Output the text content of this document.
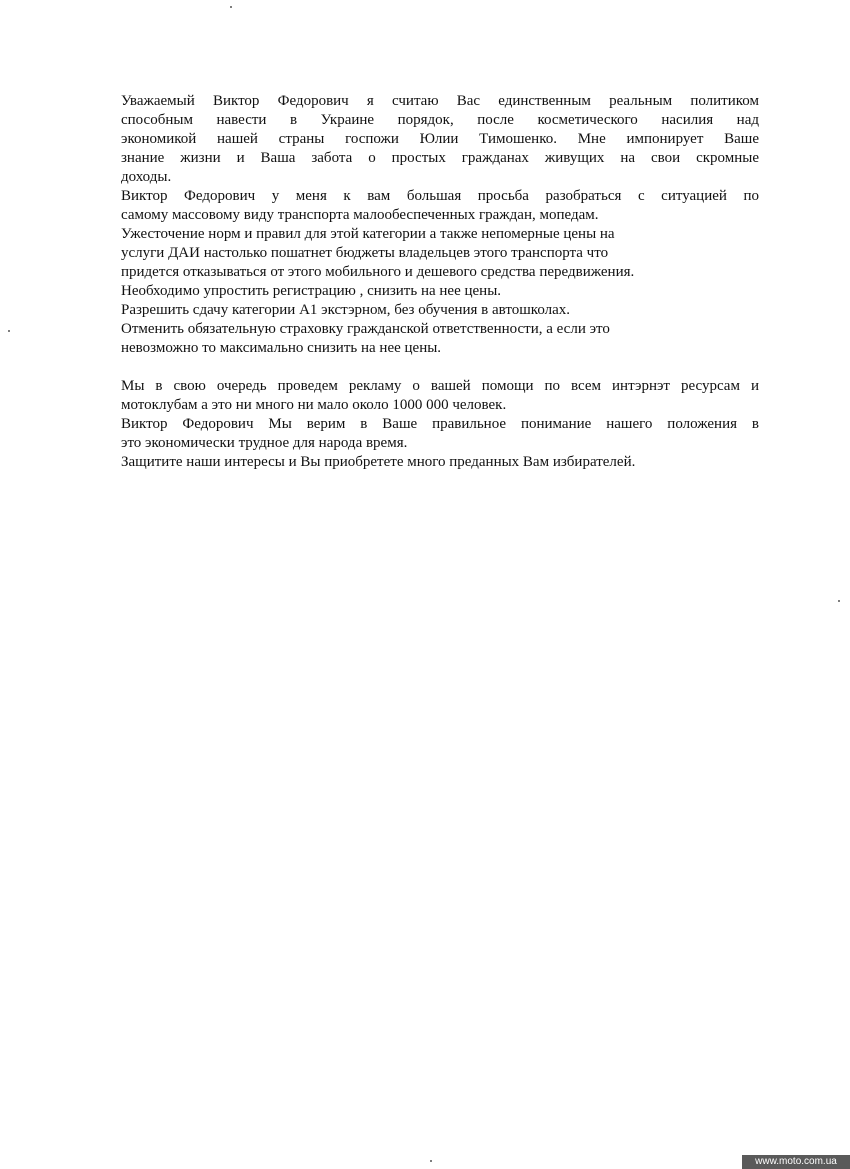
Уважаемый Виктор Федорович я считаю Вас единственным реальным политиком
способным навести в Украине порядок, после косметического насилия над
экономикой нашей страны госпожи Юлии Тимошенко. Мне импонирует Ваше
знание жизни и Ваша забота о простых гражданах живущих на свои скромные
доходы.
Виктор Федорович у меня к вам большая просьба разобраться с ситуацией по
самому массовому виду транспорта малообеспеченных граждан, мопедам.
Ужесточение норм и правил для этой категории а также непомерные цены на
услуги ДАИ настолько пошатнет бюджеты владельцев этого транспорта что
придется отказываться от этого мобильного и дешевого средства передвижения.
Необходимо упростить регистрацию , снизить на нее цены.
Разрешить сдачу категории А1 экстэрном, без обучения в автошколах.
Отменить обязательную страховку гражданской ответственности, а если это
невозможно то максимально снизить на нее цены.
Мы в свою очередь проведем рекламу о вашей помощи по всем интэрнэт ресурсам и
мотоклубам а это ни много ни мало около 1000 000 человек.
Виктор Федорович Мы верим в Ваше правильное понимание нашего положения в
это экономически трудное для народа время.
Защитите наши интересы и Вы приобретете много преданных Вам избирателей.
www.moto.com.ua
